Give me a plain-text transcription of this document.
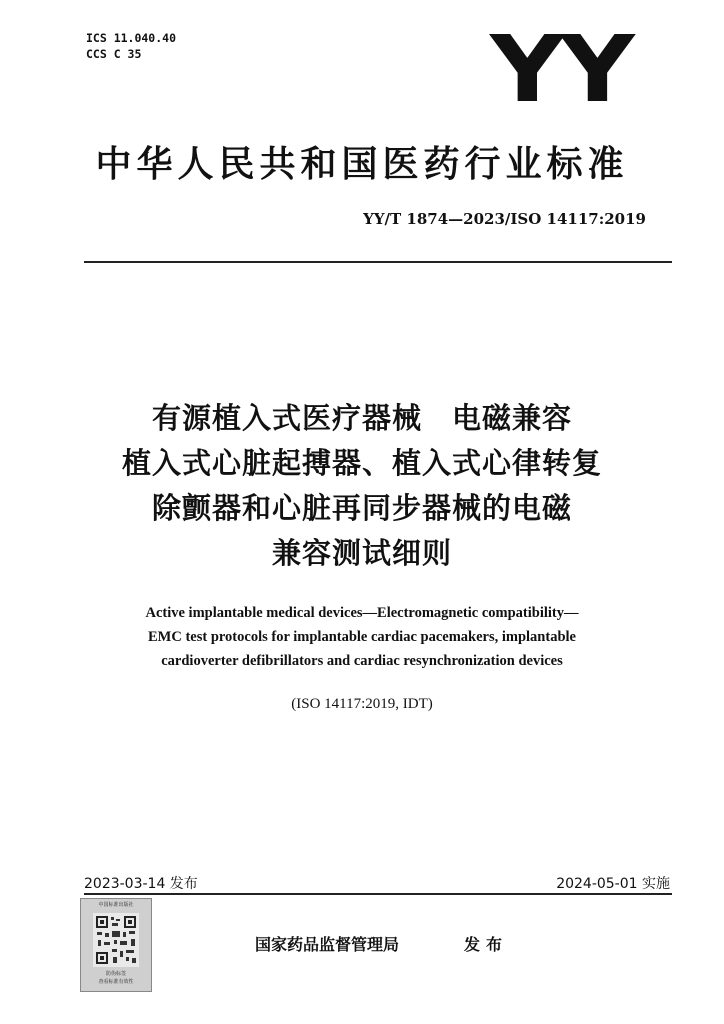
ICS 11.040.40
CCS C 35	YY
中华人民共和国医药行业标准
YY/T 1874—2023/ISO 14117:2019
有源植入式医疗器械　电磁兼容
植入式心脏起搏器、植入式心律转复
除颤器和心脏再同步器械的电磁
兼容测试细则
Active implantable medical devices—Electromagnetic compatibility—
EMC test protocols for implantable cardiac pacemakers, implantable
cardioverter defibrillators and cardiac resynchronization devices
(ISO 14117:2019, IDT)
2023-03-14 发布	2024-05-01 实施
中国标准出版社
防伪标签
查看标准有效性
国家药品监督管理局	发布
